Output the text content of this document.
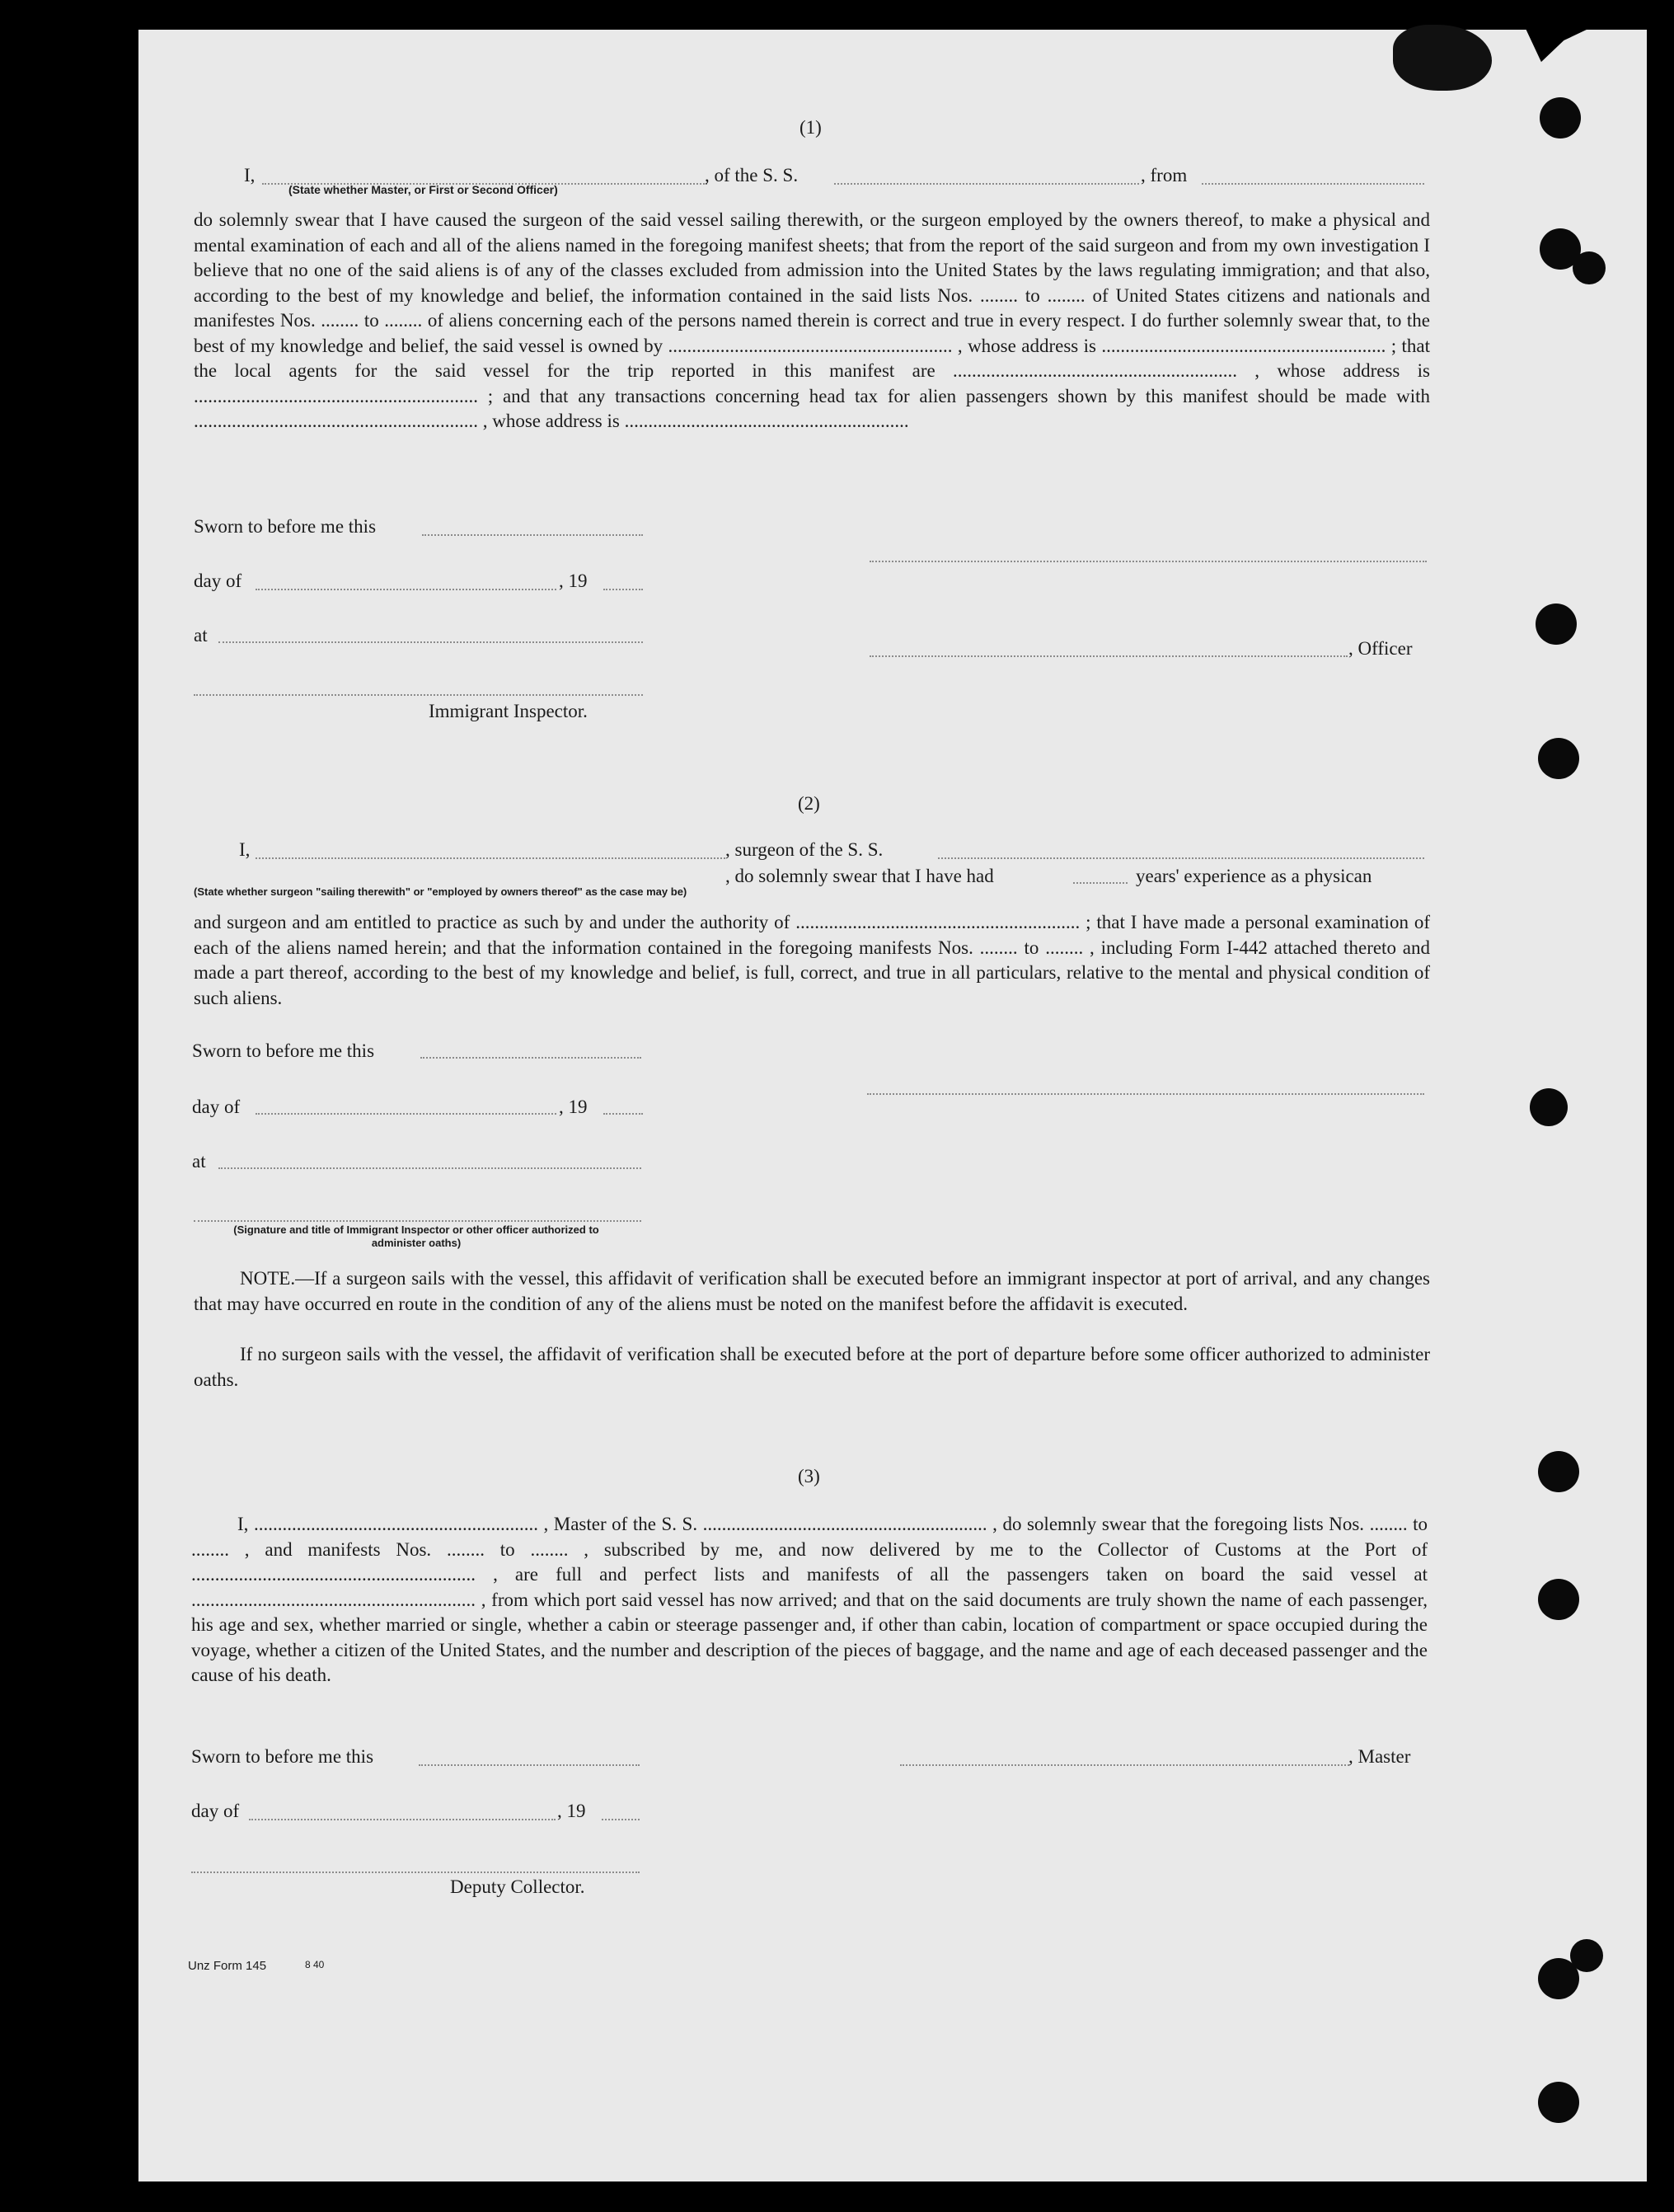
(1)
I,
(State whether Master, or First or Second Officer)
, of the S. S.	, from
do solemnly swear that I have caused the surgeon of the said vessel sailing therewith, or the surgeon employed by the owners thereof, to make a physical and mental examination of each and all of the aliens named in the foregoing manifest sheets; that from the report of the said surgeon and from my own investigation I believe that no one of the said aliens is of any of the classes excluded from admission into the United States by the laws regulating immigration; and that also, according to the best of my knowledge and belief, the information contained in the said lists Nos. ........ to ........ of United States citizens and nationals and manifestes Nos. ........ to ........ of aliens concerning each of the persons named therein is correct and true in every respect. I do further solemnly swear that, to the best of my knowledge and belief, the said vessel is owned by ............................................................ , whose address is ............................................................ ; that the local agents for the said vessel for the trip reported in this manifest are ............................................................ , whose address is ............................................................ ; and that any transactions concerning head tax for alien passengers shown by this manifest should be made with ............................................................ , whose address is ............................................................
Sworn to before me this
day of	, 19
at
, Officer
Immigrant Inspector.
(2)
I,	, surgeon of the S. S.
, do solemnly swear that I have had	years' experience as a physican
(State whether surgeon "sailing therewith" or "employed by owners thereof" as the case may be)
and surgeon and am entitled to practice as such by and under the authority of ............................................................ ; that I have made a personal examination of each of the aliens named herein; and that the information contained in the foregoing manifests Nos. ........ to ........ , including Form I-442 attached thereto and made a part thereof, according to the best of my knowledge and belief, is full, correct, and true in all particulars, relative to the mental and physical condition of such aliens.
Sworn to before me this
day of	, 19
at
(Signature and title of Immigrant Inspector or other officer authorized to administer oaths)
NOTE.—If a surgeon sails with the vessel, this affidavit of verification shall be executed before an immigrant inspector at port of arrival, and any changes that may have occurred en route in the condition of any of the aliens must be noted on the manifest before the affidavit is executed.
If no surgeon sails with the vessel, the affidavit of verification shall be executed before at the port of departure before some officer authorized to administer oaths.
(3)
I, ............................................................ , Master of the S. S. ............................................................ , do solemnly swear that the foregoing lists Nos. ........ to ........ , and manifests Nos. ........ to ........ , subscribed by me, and now delivered by me to the Collector of Customs at the Port of ............................................................ , are full and perfect lists and manifests of all the passengers taken on board the said vessel at ............................................................ , from which port said vessel has now arrived; and that on the said documents are truly shown the name of each passenger, his age and sex, whether married or single, whether a cabin or steerage passenger and, if other than cabin, location of compartment or space occupied during the voyage, whether a citizen of the United States, and the number and description of the pieces of baggage, and the name and age of each deceased passenger and the cause of his death.
Sworn to before me this	, Master
day of	, 19
Deputy Collector.
Unz Form 145	8 40
